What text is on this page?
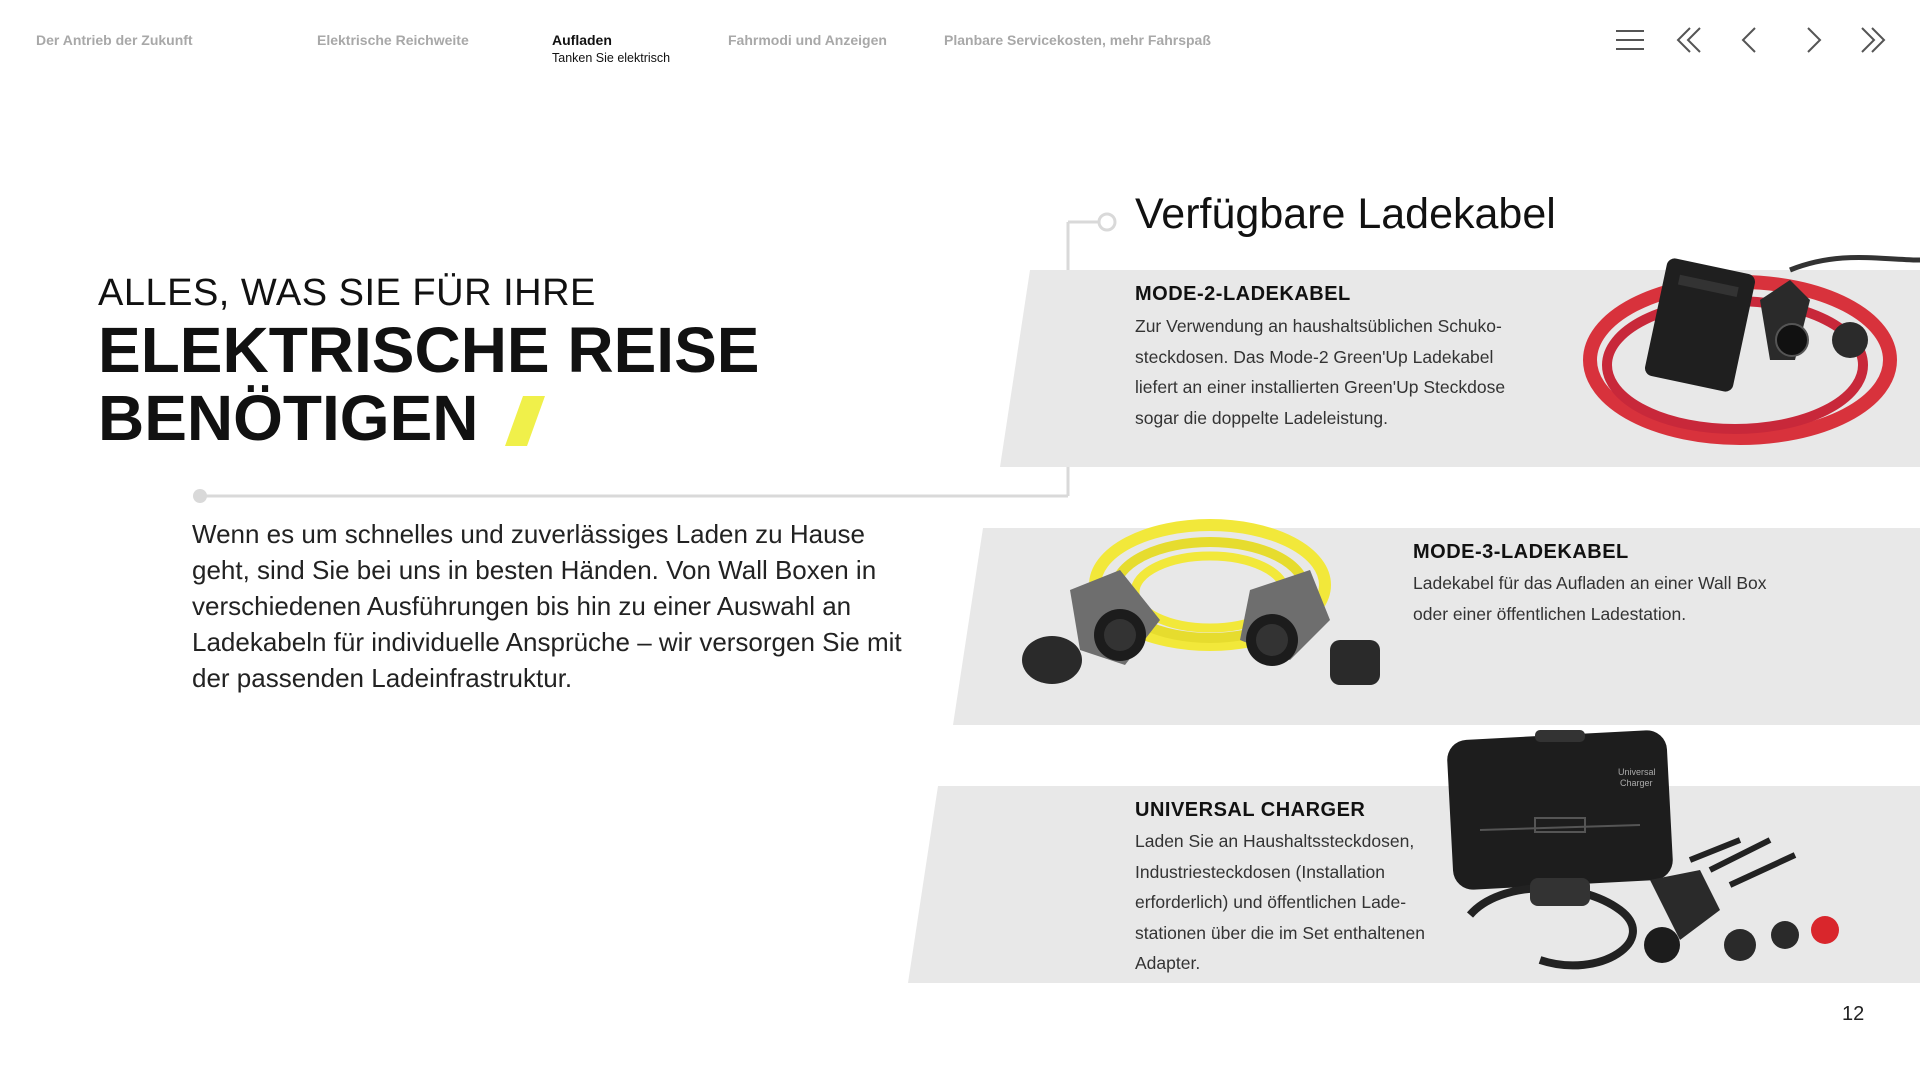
Der Antrieb der Zukunft	Elektrische Reichweite	Aufladen
Tanken Sie elektrisch
Fahrmodi und Anzeigen	Planbare Servicekosten, mehr Fahrspaß
ALLES, WAS SIE FÜR IHRE
ELEKTRISCHE REISE
BENÖTIGEN
Wenn es um schnelles und zuverlässiges Laden zu Hause geht, sind Sie bei uns in besten Händen. Von Wall Boxen in verschiedenen Ausführungen bis hin zu einer Auswahl an Ladekabeln für individuelle Ansprüche – wir versorgen Sie mit der passenden Ladeinfrastruktur.
Verfügbare Ladekabel
MODE-2-LADEKABEL
Zur Verwendung an haushaltsüblichen Schuko-
steckdosen. Das Mode-2 Green'Up Ladekabel
liefert an einer installierten Green'Up Steckdose
sogar die doppelte Ladeleistung.
MODE-3-LADEKABEL
Ladekabel für das Aufladen an einer Wall Box
oder einer öffentlichen Ladestation.
UNIVERSAL CHARGER
Laden Sie an Haushaltssteckdosen,
Industriesteckdosen (Installation
erforderlich) und öffentlichen Lade-
stationen über die im Set enthaltenen
Adapter.
Universal
Charger
12
